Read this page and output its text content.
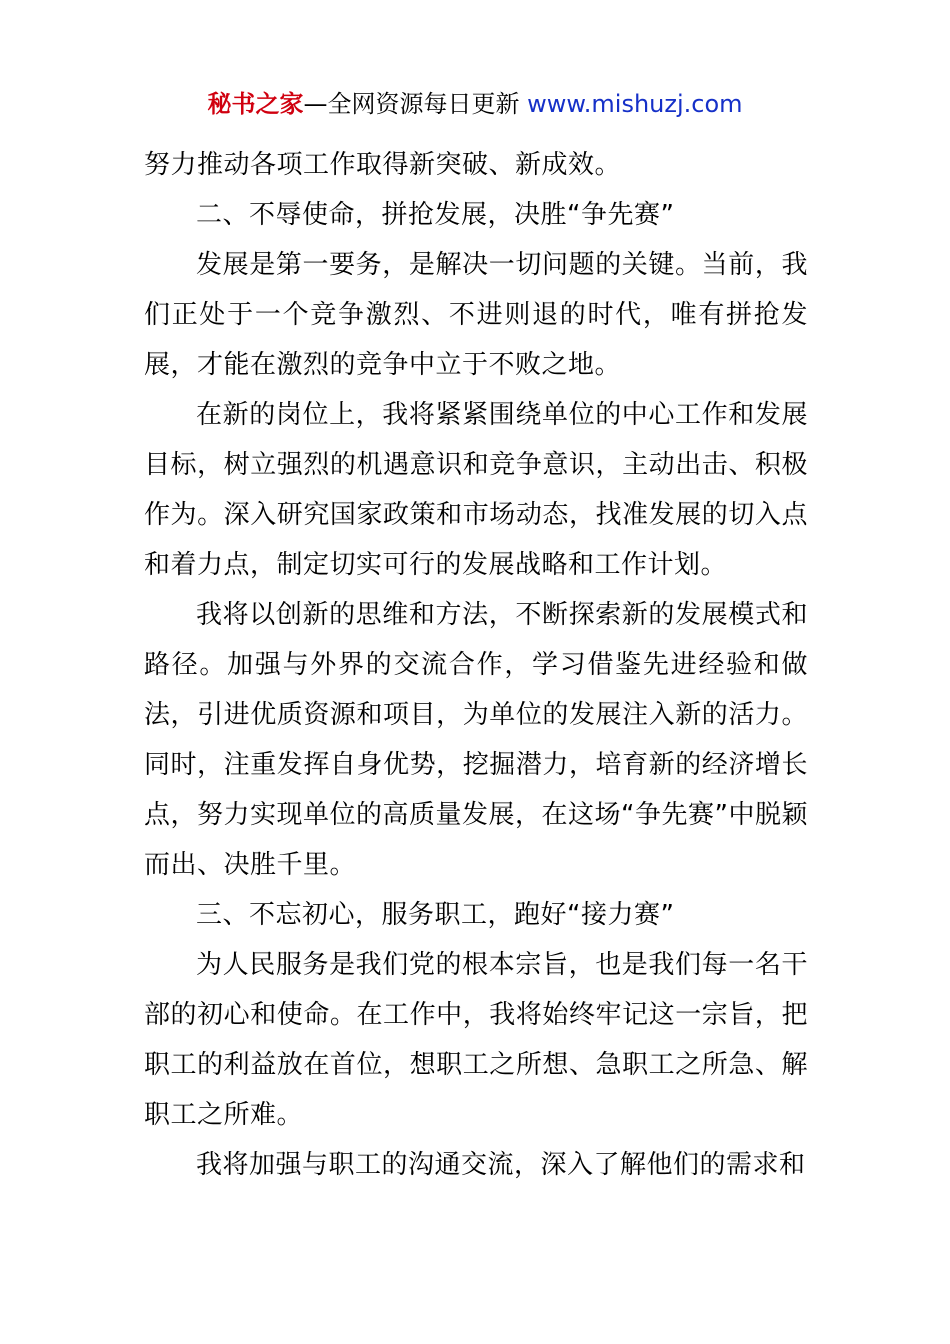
秘书之家—全网资源每日更新 www.mishuzj.com

努力推动各项工作取得新突破、新成效。

二、不辱使命，拼抢发展，决胜“争先赛”

发展是第一要务，是解决一切问题的关键。当前，我们正处于一个竞争激烈、不进则退的时代，唯有拼抢发展，才能在激烈的竞争中立于不败之地。

在新的岗位上，我将紧紧围绕单位的中心工作和发展目标，树立强烈的机遇意识和竞争意识，主动出击、积极作为。深入研究国家政策和市场动态，找准发展的切入点和着力点，制定切实可行的发展战略和工作计划。

我将以创新的思维和方法，不断探索新的发展模式和路径。加强与外界的交流合作，学习借鉴先进经验和做法，引进优质资源和项目，为单位的发展注入新的活力。同时，注重发挥自身优势，挖掘潜力，培育新的经济增长点，努力实现单位的高质量发展，在这场“争先赛”中脱颖而出、决胜千里。

三、不忘初心，服务职工，跑好“接力赛”

为人民服务是我们党的根本宗旨，也是我们每一名干部的初心和使命。在工作中，我将始终牢记这一宗旨，把职工的利益放在首位，想职工之所想、急职工之所急、解职工之所难。

我将加强与职工的沟通交流，深入了解他们的需求和
